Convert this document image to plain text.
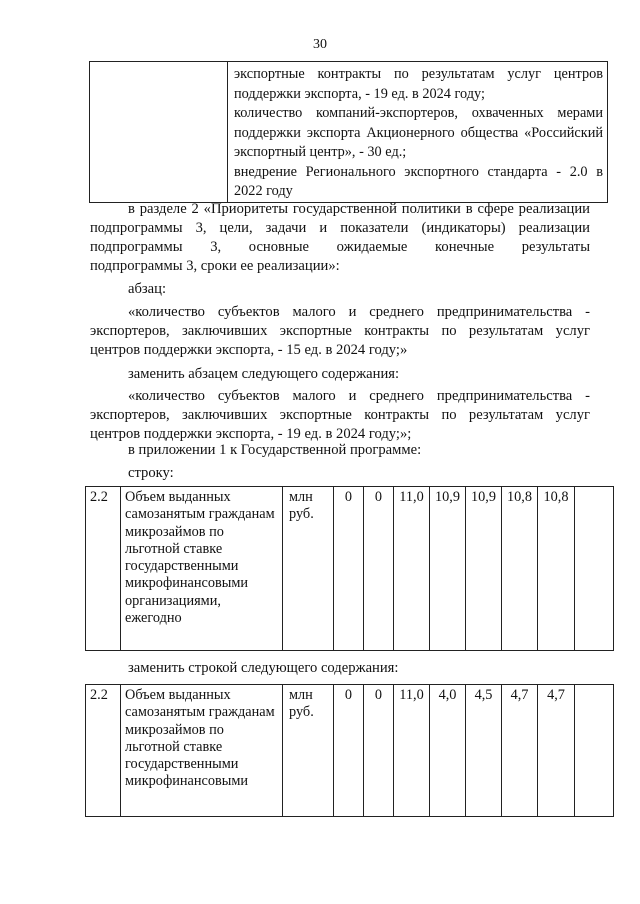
30

экспортные контракты по результатам услуг центров поддержки экспорта, - 19 ед. в 2024 году;
количество компаний-экспортеров, охваченных мерами поддержки экспорта Акционерного общества «Российский экспортный центр», - 30 ед.;
внедрение Регионального экспортного стандарта - 2.0 в 2022 году

в разделе 2 «Приоритеты государственной политики в сфере реализации подпрограммы 3, цели, задачи и показатели (индикаторы) реализации подпрограммы 3, основные ожидаемые конечные результаты

подпрограммы 3, сроки ее реализации»:

абзац:

«количество субъектов малого и среднего предпринимательства - экспортеров, заключивших экспортные контракты по результатам услуг

центров поддержки экспорта, - 15 ед. в 2024 году;»

заменить абзацем следующего содержания:

«количество субъектов малого и среднего предпринимательства - экспортеров, заключивших экспортные контракты по результатам услуг

центров поддержки экспорта, - 19 ед. в 2024 году;»;

в приложении 1 к Государственной программе:
строку:
2.2	Объем выданных самозанятым гражданам микрозаймов по льготной ставке государственными микрофинансовыми организациями, ежегодно	млн руб.	0	0	11,0	10,9	10,9	10,8	10,8	
заменить строкой следующего содержания:
2.2	Объем выданных самозанятым гражданам микрозаймов по льготной ставке государственными микрофинансовыми	млн руб.	0	0	11,0	4,0	4,5	4,7	4,7	
